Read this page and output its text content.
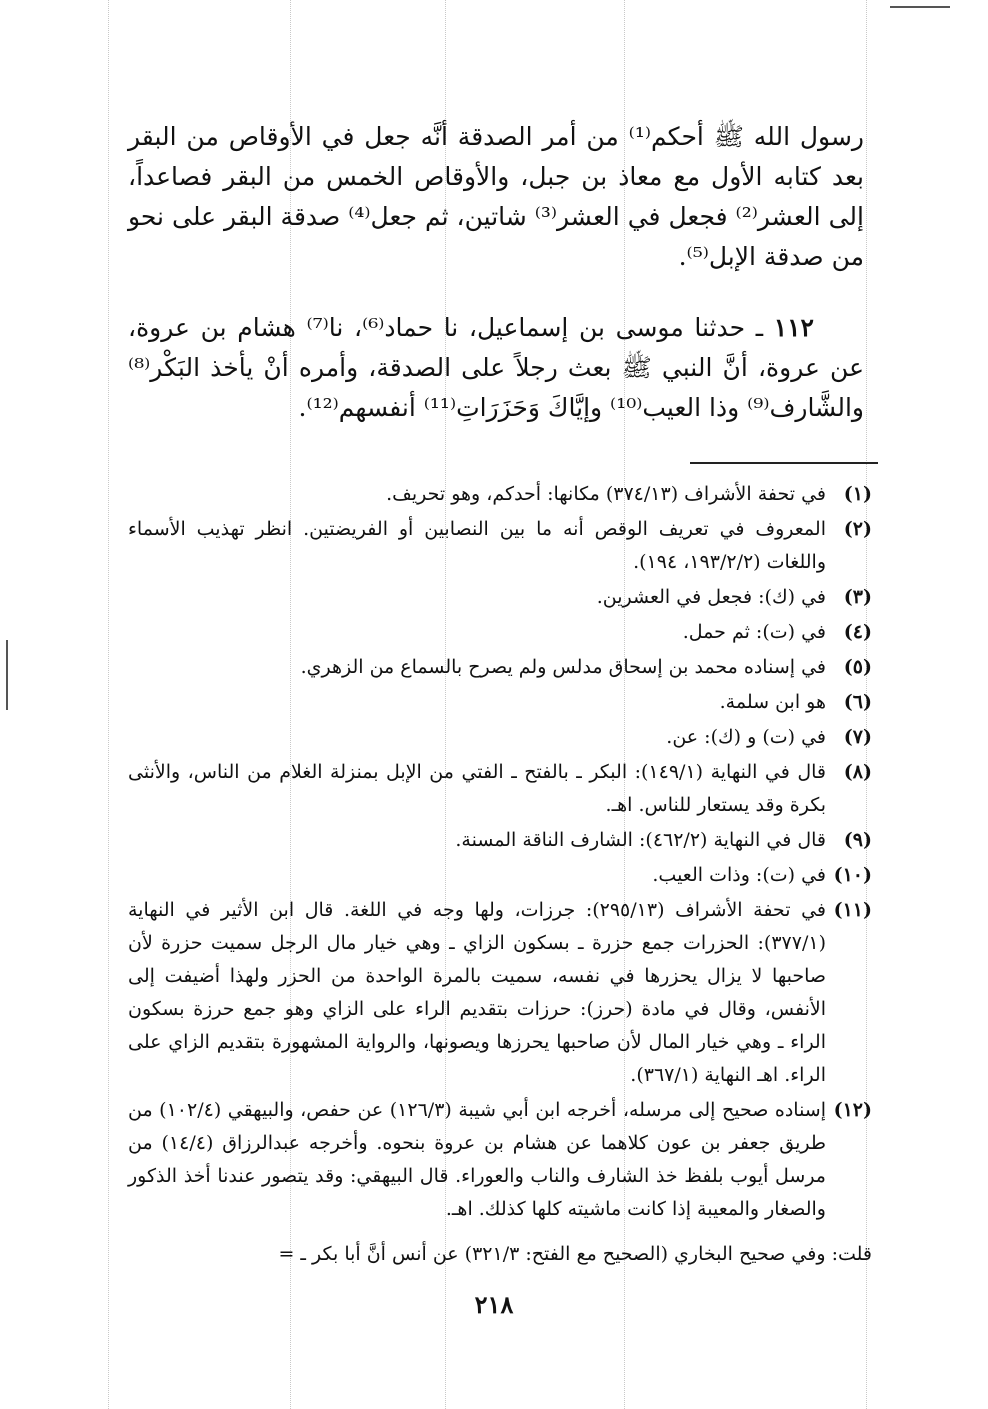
رسول الله ﷺ أحكم⁽¹⁾ من أمر الصدقة أنَّه جعل في الأوقاص من البقر بعد كتابه الأول مع معاذ بن جبل، والأوقاص الخمس من البقر فصاعداً، إلى العشر⁽²⁾ فجعل في العشر⁽³⁾ شاتين، ثم جعل⁽⁴⁾ صدقة البقر على نحو من صدقة الإبل⁽⁵⁾.

١١٢ ـ حدثنا موسى بن إسماعيل، نا حماد⁽⁶⁾، نا⁽⁷⁾ هشام بن عروة، عن عروة، أنَّ النبي ﷺ بعث رجلاً على الصدقة، وأمره أنْ يأخذ البَكْر⁽⁸⁾ والشَّارف⁽⁹⁾ وذا العيب⁽¹⁰⁾ وإيَّاكَ وَحَزَرَاتِ⁽¹¹⁾ أنفسهم⁽¹²⁾.

(١)
في تحفة الأشراف (٣٧٤/١٣) مكانها: أحدكم، وهو تحريف.
(٢)
المعروف في تعريف الوقص أنه ما بين النصابين أو الفريضتين. انظر تهذيب الأسماء واللغات (١٩٣/٢/٢، ١٩٤).
(٣)
في (ك): فجعل في العشرين.
(٤)
في (ت): ثم حمل.
(٥)
في إسناده محمد بن إسحاق مدلس ولم يصرح بالسماع من الزهري.
(٦)
هو ابن سلمة.
(٧)
في (ت) و (ك): عن.
(٨)
قال في النهاية (١٤٩/١): البكر ـ بالفتح ـ الفتي من الإبل بمنزلة الغلام من الناس، والأنثى بكرة وقد يستعار للناس. اهـ.
(٩)
قال في النهاية (٤٦٢/٢): الشارف الناقة المسنة.
(١٠)
في (ت): وذات العيب.
(١١)
في تحفة الأشراف (٢٩٥/١٣): جرزات، ولها وجه في اللغة. قال ابن الأثير في النهاية (٣٧٧/١): الحزرات جمع حزرة ـ بسكون الزاي ـ وهي خيار مال الرجل سميت حزرة لأن صاحبها لا يزال يحزرها في نفسه، سميت بالمرة الواحدة من الحزر ولهذا أضيفت إلى الأنفس، وقال في مادة (حرز): حرزات بتقديم الراء على الزاي وهو جمع حرزة بسكون الراء ـ وهي خيار المال لأن صاحبها يحرزها ويصونها، والرواية المشهورة بتقديم الزاي على الراء. اهـ النهاية (٣٦٧/١).
(١٢)
إسناده صحيح إلى مرسله، أخرجه ابن أبي شيبة (١٢٦/٣) عن حفص، والبيهقي (١٠٢/٤) من طريق جعفر بن عون كلاهما عن هشام بن عروة بنحوه. وأخرجه عبدالرزاق (١٤/٤) من مرسل أيوب بلفظ خذ الشارف والناب والعوراء. قال البيهقي: وقد يتصور عندنا أخذ الذكور والصغار والمعيبة إذا كانت ماشيته كلها كذلك. اهـ.
قلت: وفي صحيح البخاري (الصحيح مع الفتح: ٣٢١/٣) عن أنس أنَّ أبا بكر ـ =
٢١٨
